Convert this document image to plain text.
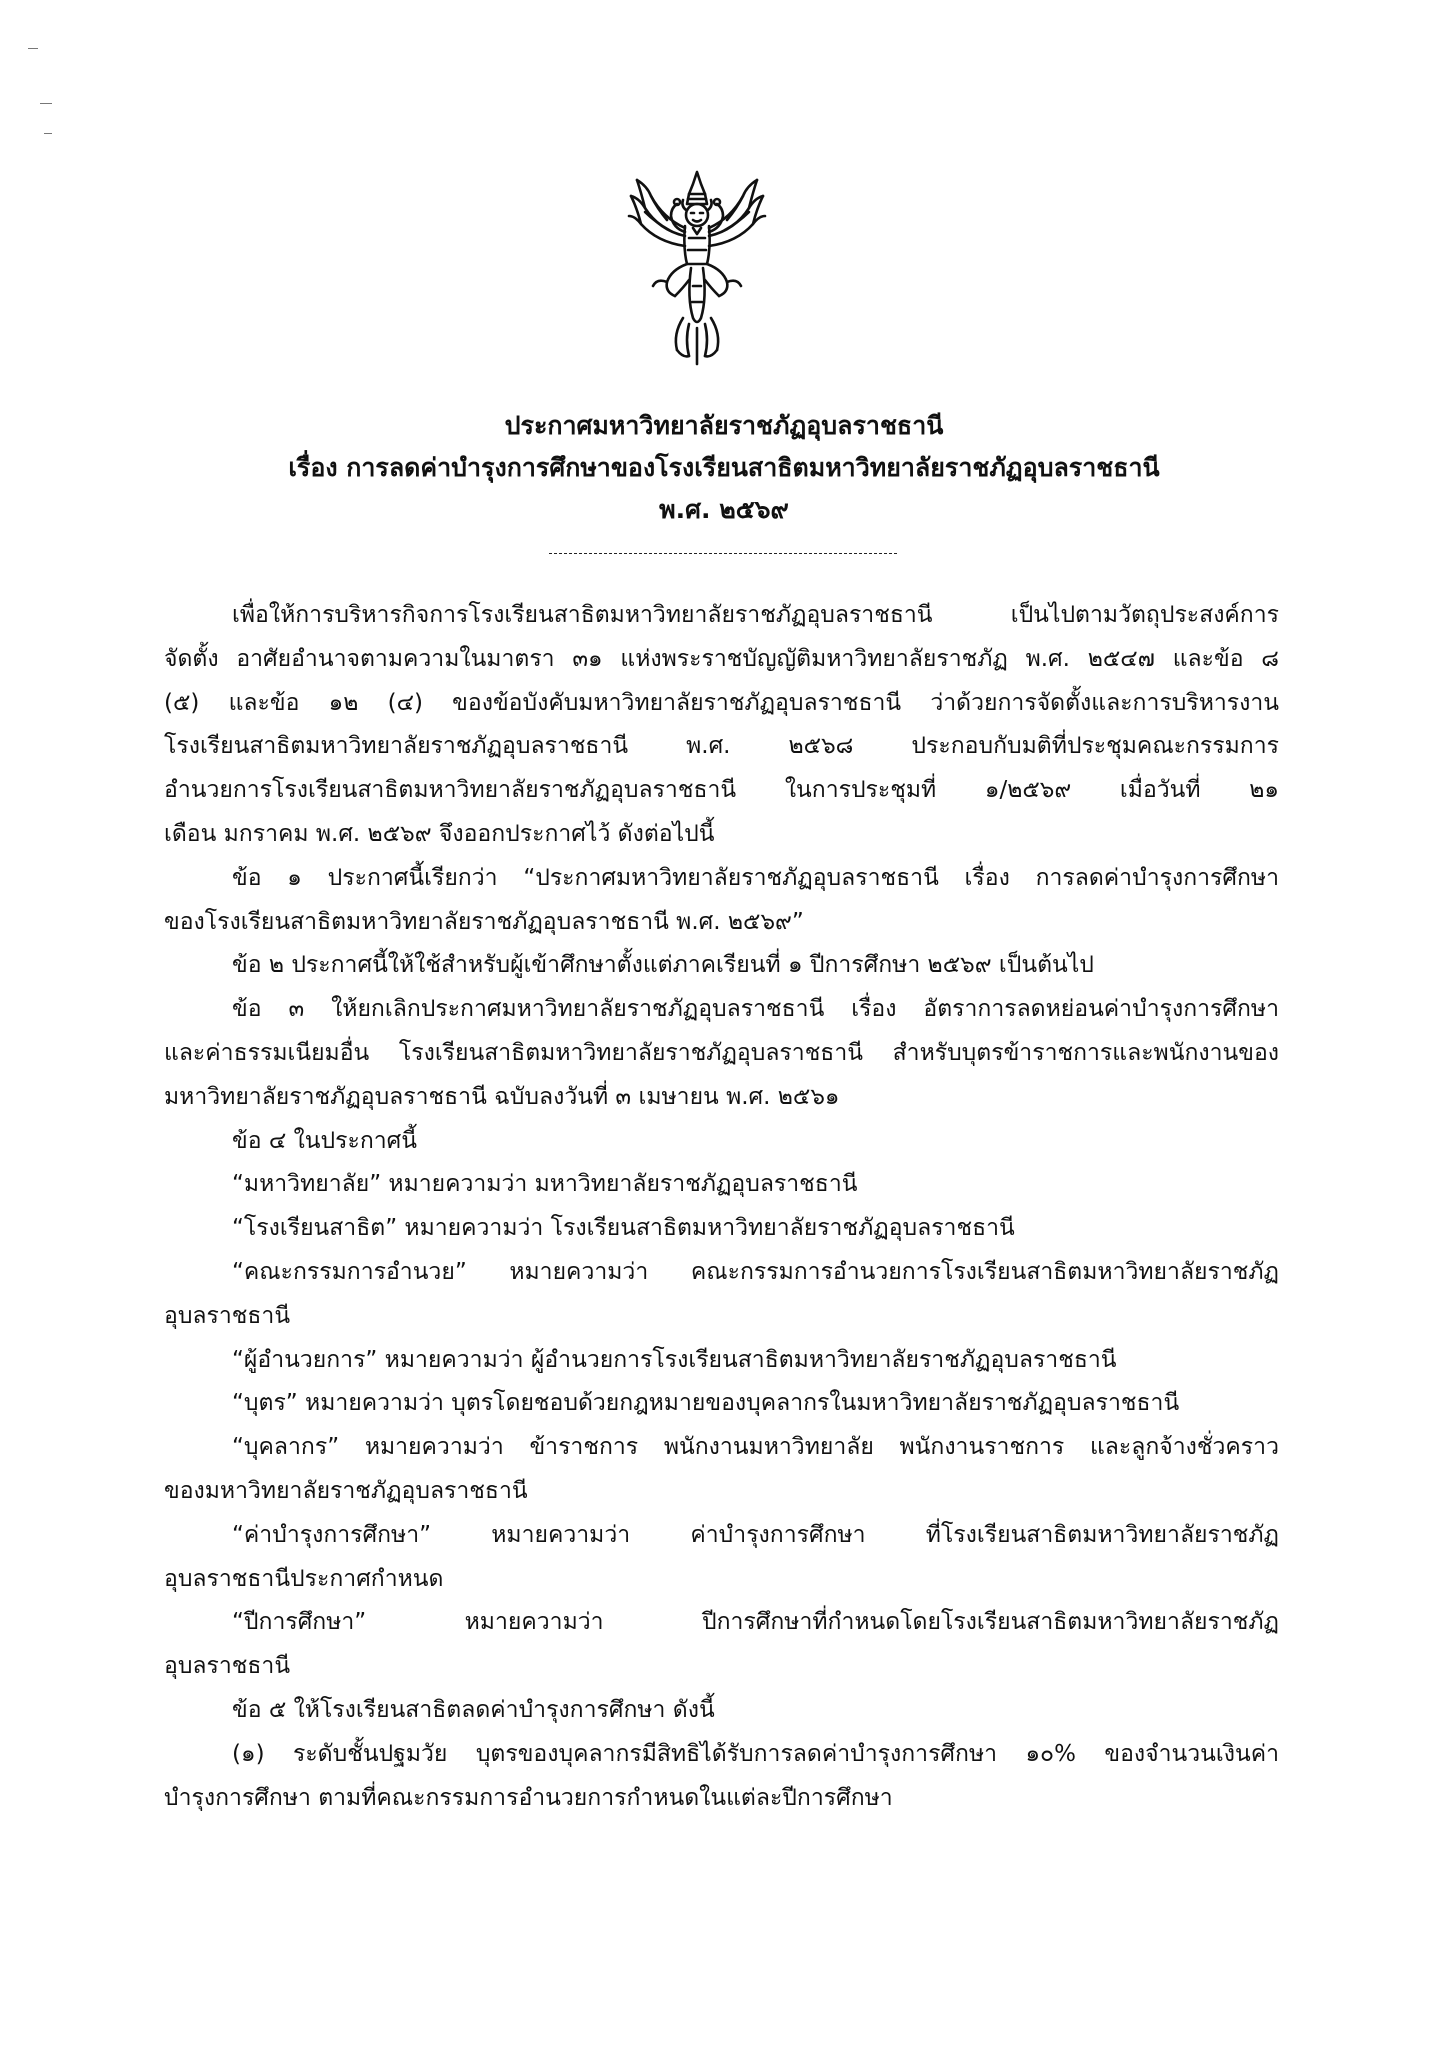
ประกาศมหาวิทยาลัยราชภัฏอุบลราชธานี
เรื่อง การลดค่าบำรุงการศึกษาของโรงเรียนสาธิตมหาวิทยาลัยราชภัฏอุบลราชธานี
พ.ศ. ๒๕๖๙

เพื่อให้การบริหารกิจการโรงเรียนสาธิตมหาวิทยาลัยราชภัฏอุบลราชธานี เป็นไปตามวัตถุประสงค์การ

จัดตั้ง อาศัยอำนาจตามความในมาตรา ๓๑ แห่งพระราชบัญญัติมหาวิทยาลัยราชภัฏ พ.ศ. ๒๕๔๗ และข้อ ๘

(๕) และข้อ ๑๒ (๔) ของข้อบังคับมหาวิทยาลัยราชภัฏอุบลราชธานี ว่าด้วยการจัดตั้งและการบริหารงาน

โรงเรียนสาธิตมหาวิทยาลัยราชภัฏอุบลราชธานี พ.ศ. ๒๕๖๘ ประกอบกับมติที่ประชุมคณะกรรมการ

อำนวยการโรงเรียนสาธิตมหาวิทยาลัยราชภัฏอุบลราชธานี ในการประชุมที่ ๑/๒๕๖๙ เมื่อวันที่ ๒๑

เดือน มกราคม พ.ศ. ๒๕๖๙ จึงออกประกาศไว้ ดังต่อไปนี้

ข้อ ๑ ประกาศนี้เรียกว่า “ประกาศมหาวิทยาลัยราชภัฏอุบลราชธานี เรื่อง การลดค่าบำรุงการศึกษา

ของโรงเรียนสาธิตมหาวิทยาลัยราชภัฏอุบลราชธานี พ.ศ. ๒๕๖๙”

ข้อ ๒ ประกาศนี้ให้ใช้สำหรับผู้เข้าศึกษาตั้งแต่ภาคเรียนที่ ๑ ปีการศึกษา ๒๕๖๙ เป็นต้นไป

ข้อ ๓ ให้ยกเลิกประกาศมหาวิทยาลัยราชภัฏอุบลราชธานี เรื่อง อัตราการลดหย่อนค่าบำรุงการศึกษา

และค่าธรรมเนียมอื่น โรงเรียนสาธิตมหาวิทยาลัยราชภัฏอุบลราชธานี สำหรับบุตรข้าราชการและพนักงานของ

มหาวิทยาลัยราชภัฏอุบลราชธานี ฉบับลงวันที่ ๓ เมษายน พ.ศ. ๒๕๖๑

ข้อ ๔ ในประกาศนี้

“มหาวิทยาลัย” หมายความว่า มหาวิทยาลัยราชภัฏอุบลราชธานี

“โรงเรียนสาธิต” หมายความว่า โรงเรียนสาธิตมหาวิทยาลัยราชภัฏอุบลราชธานี

“คณะกรรมการอำนวย” หมายความว่า คณะกรรมการอำนวยการโรงเรียนสาธิตมหาวิทยาลัยราชภัฏ

อุบลราชธานี

“ผู้อำนวยการ” หมายความว่า ผู้อำนวยการโรงเรียนสาธิตมหาวิทยาลัยราชภัฏอุบลราชธานี

“บุตร” หมายความว่า บุตรโดยชอบด้วยกฎหมายของบุคลากรในมหาวิทยาลัยราชภัฏอุบลราชธานี

“บุคลากร” หมายความว่า ข้าราชการ พนักงานมหาวิทยาลัย พนักงานราชการ และลูกจ้างชั่วคราว

ของมหาวิทยาลัยราชภัฏอุบลราชธานี

“ค่าบำรุงการศึกษา” หมายความว่า ค่าบำรุงการศึกษา ที่โรงเรียนสาธิตมหาวิทยาลัยราชภัฏ

อุบลราชธานีประกาศกำหนด

“ปีการศึกษา” หมายความว่า ปีการศึกษาที่กำหนดโดยโรงเรียนสาธิตมหาวิทยาลัยราชภัฏ

อุบลราชธานี

ข้อ ๕ ให้โรงเรียนสาธิตลดค่าบำรุงการศึกษา ดังนี้

(๑) ระดับชั้นปฐมวัย บุตรของบุคลากรมีสิทธิได้รับการลดค่าบำรุงการศึกษา ๑๐% ของจำนวนเงินค่า

บำรุงการศึกษา ตามที่คณะกรรมการอำนวยการกำหนดในแต่ละปีการศึกษา
